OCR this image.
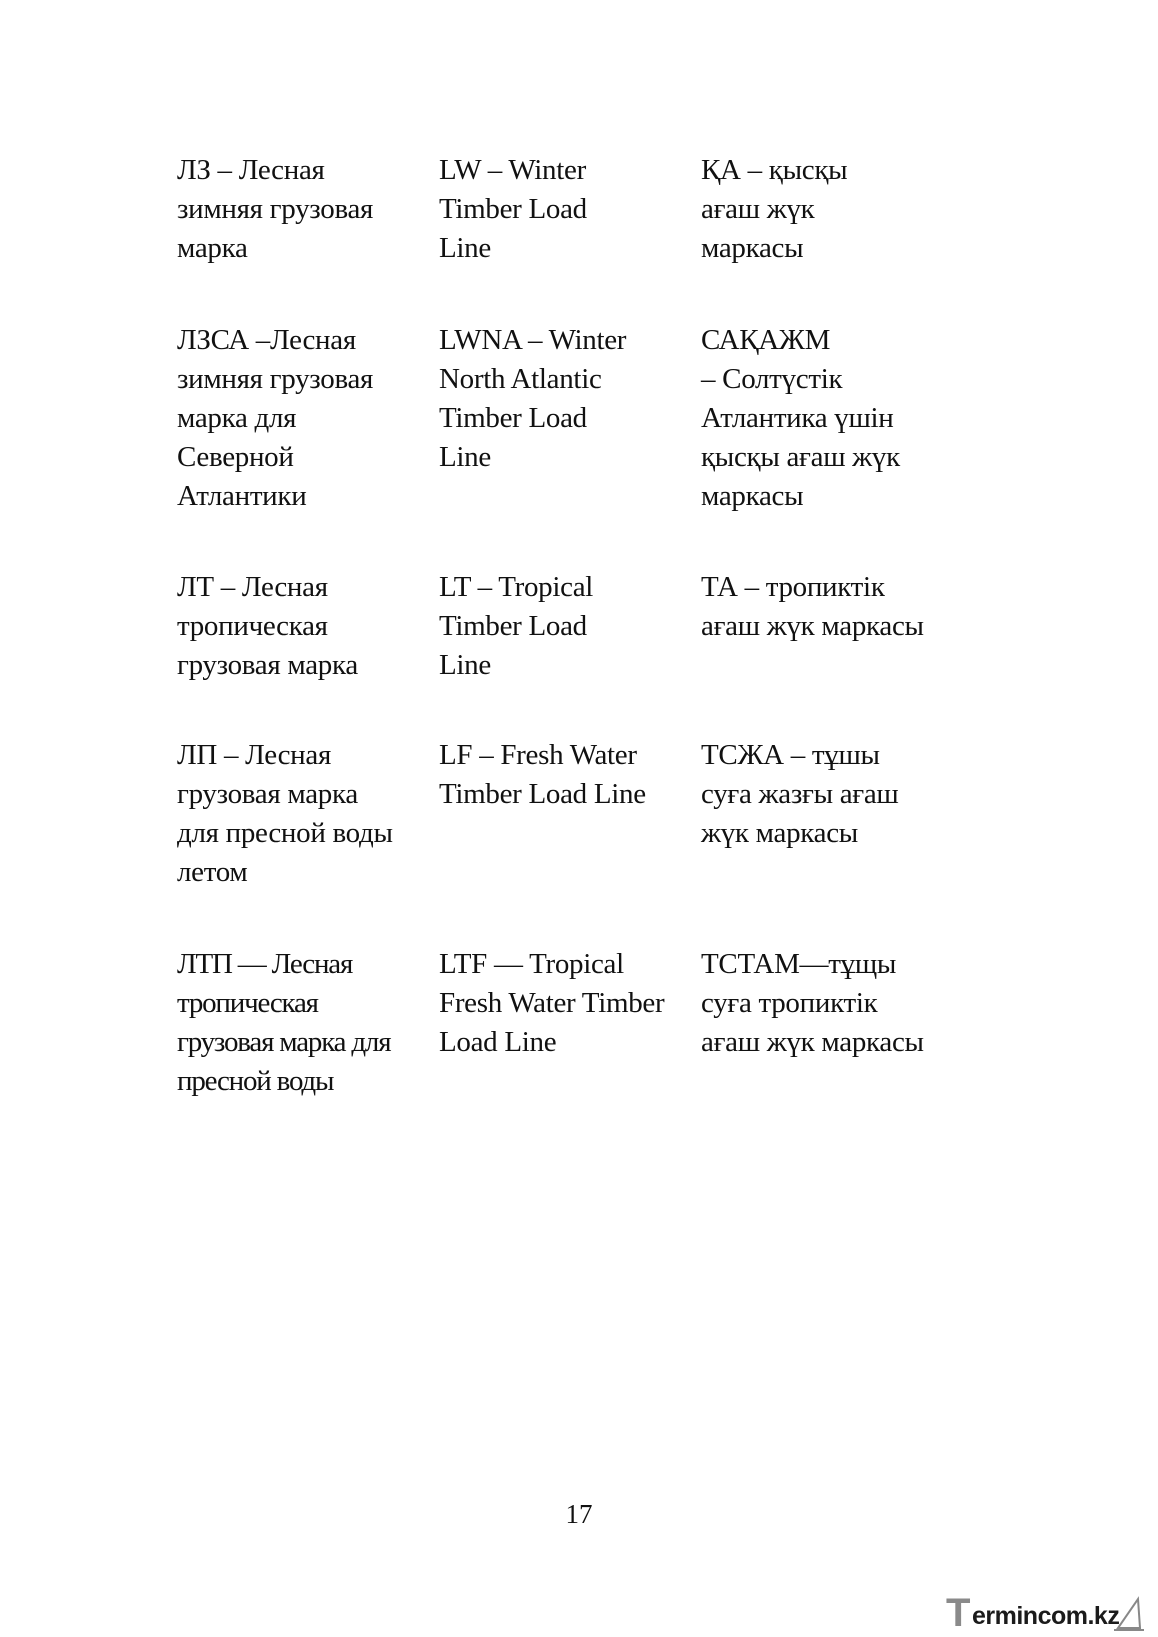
ЛЗ – Лесная
зимняя грузовая
марка
LW – Winter
Timber Load
Line
ҚА – қысқы
ағаш жүк
маркасы
ЛЗСА –Лесная
зимняя грузовая
марка для
Северной
Атлантики
LWNA – Winter
North Atlantic
Timber Load
Line
САҚАЖМ
– Солтүстік
Атлантика үшін
қысқы ағаш жүк
маркасы
ЛТ – Лесная
тропическая
грузовая марка
LT – Tropical
Timber Load
Line
ТА – тропиктік
ағаш жүк маркасы
ЛП – Лесная
грузовая марка
для пресной воды
летом
LF – Fresh Water
Timber Load Line
ТСЖА – тұшы
суға жазғы ағаш
жүк маркасы
ЛТП — Лесная
тропическая
грузовая марка для
пресной воды
LTF — Tropical
Fresh Water Timber
Load Line
ТСТАМ—тұщы
суға тропиктік
ағаш жүк маркасы
17
T ermincom.kz
